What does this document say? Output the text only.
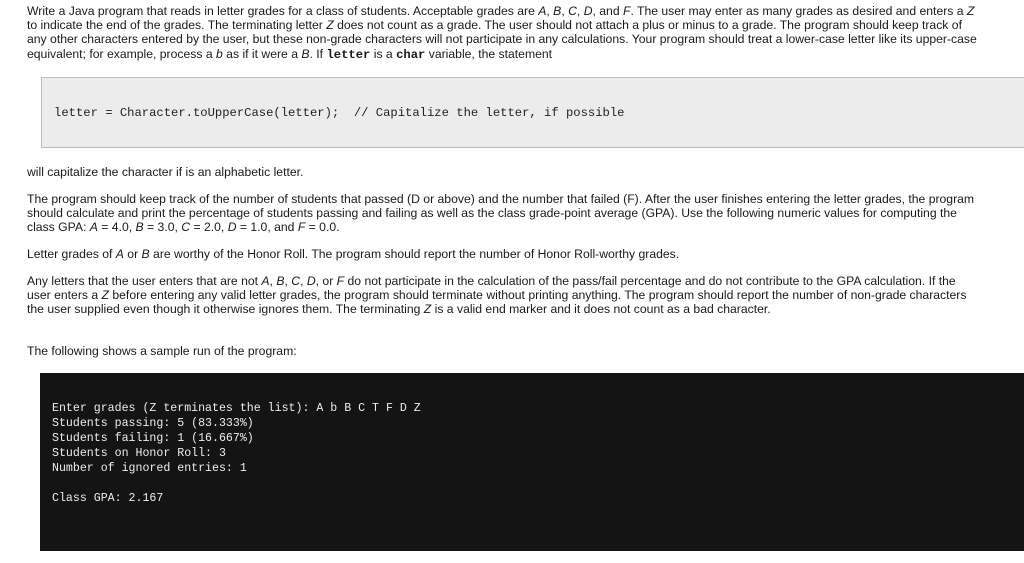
Write a Java program that reads in letter grades for a class of students. Acceptable grades are A, B, C, D, and F. The user may enter as many grades as desired and enters a Z to indicate the end of the grades. The terminating letter Z does not count as a grade. The user should not attach a plus or minus to a grade. The program should keep track of any other characters entered by the user, but these non-grade characters will not participate in any calculations. Your program should treat a lower-case letter like its upper-case equivalent; for example, process a b as if it were a B. If letter is a char variable, the statement

letter = Character.toUpperCase(letter);  // Capitalize the letter, if possible

will capitalize the character if is an alphabetic letter.

The program should keep track of the number of students that passed (D or above) and the number that failed (F). After the user finishes entering the letter grades, the program should calculate and print the percentage of students passing and failing as well as the class grade-point average (GPA). Use the following numeric values for computing the class GPA: A = 4.0, B = 3.0, C = 2.0, D = 1.0, and F = 0.0.

Letter grades of A or B are worthy of the Honor Roll. The program should report the number of Honor Roll-worthy grades.

Any letters that the user enters that are not A, B, C, D, or F do not participate in the calculation of the pass/fail percentage and do not contribute to the GPA calculation. If the user enters a Z before entering any valid letter grades, the program should terminate without printing anything. The program should report the number of non-grade characters the user supplied even though it otherwise ignores them. The terminating Z is a valid end marker and it does not count as a bad character.

The following shows a sample run of the program:

Enter grades (Z terminates the list): A b B C T F D Z
Students passing: 5 (83.333%)
Students failing: 1 (16.667%)
Students on Honor Roll: 3
Number of ignored entries: 1
Class GPA: 2.167
